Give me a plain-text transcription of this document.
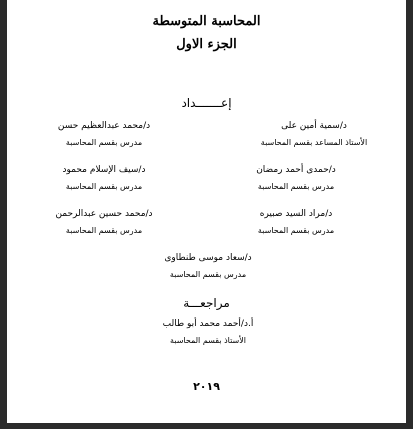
المحاسبة المتوسطة
الجزء الاول
إعـــــــداد
د/سمية أمين على
الأستاذ المساعد بقسم المحاسبة
د/محمد عبدالعظيم حسن
مدرس بقسم المحاسبة
د/حمدى أحمد رمضان
مدرس بقسم المحاسبة
د/سيف الإسلام محمود
مدرس بقسم المحاسبة
د/مراد السيد صبيره
مدرس بقسم المحاسبة
د/محمد حسين عبدالرحمن
مدرس بقسم المحاسبة
د/سعاد موسى طنطاوى
مدرس بقسم المحاسبة
مراجعـــة
أ.د/أحمد محمد أبو طالب
الأستاذ بقسم المحاسبة
٢٠١٩
